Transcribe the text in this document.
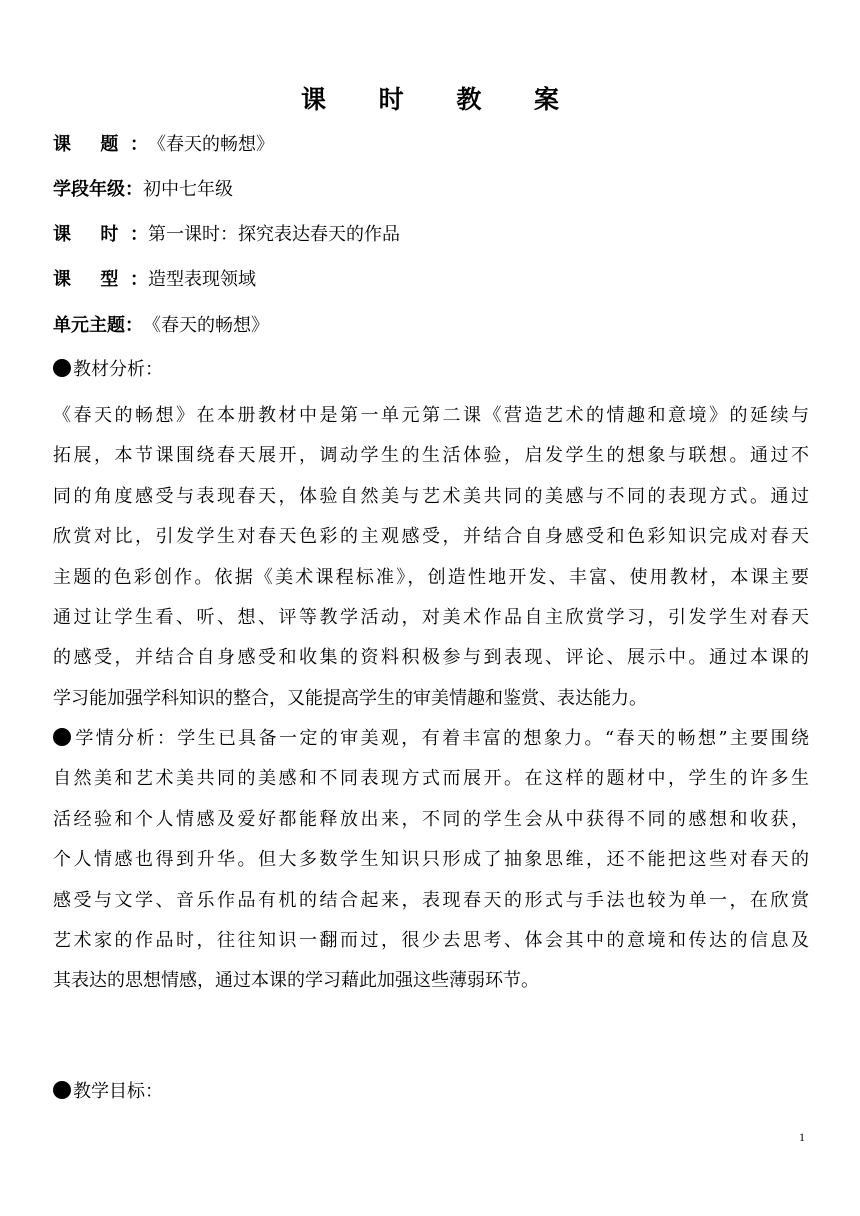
课 时 教 案
课 题：《春天的畅想》
学段年级：初中七年级
课 时：第一课时：探究表达春天的作品
课 型：造型表现领域
单元主题：《春天的畅想》
教材分析：
《春天的畅想》在本册教材中是第一单元第二课《营造艺术的情趣和意境》的延续与
拓展，本节课围绕春天展开，调动学生的生活体验，启发学生的想象与联想。通过不
同的角度感受与表现春天，体验自然美与艺术美共同的美感与不同的表现方式。通过
欣赏对比，引发学生对春天色彩的主观感受，并结合自身感受和色彩知识完成对春天
主题的色彩创作。依据《美术课程标准》，创造性地开发、丰富、使用教材，本课主要
通过让学生看、听、想、评等教学活动，对美术作品自主欣赏学习，引发学生对春天
的感受，并结合自身感受和收集的资料积极参与到表现、评论、展示中。通过本课的
学习能加强学科知识的整合，又能提高学生的审美情趣和鉴赏、表达能力。
学情分析：学生已具备一定的审美观，有着丰富的想象力。“春天的畅想”主要围绕
自然美和艺术美共同的美感和不同表现方式而展开。在这样的题材中，学生的许多生
活经验和个人情感及爱好都能释放出来，不同的学生会从中获得不同的感想和收获，
个人情感也得到升华。但大多数学生知识只形成了抽象思维，还不能把这些对春天的
感受与文学、音乐作品有机的结合起来，表现春天的形式与手法也较为单一，在欣赏
艺术家的作品时，往往知识一翻而过，很少去思考、体会其中的意境和传达的信息及
其表达的思想情感，通过本课的学习藉此加强这些薄弱环节。
教学目标：
1
